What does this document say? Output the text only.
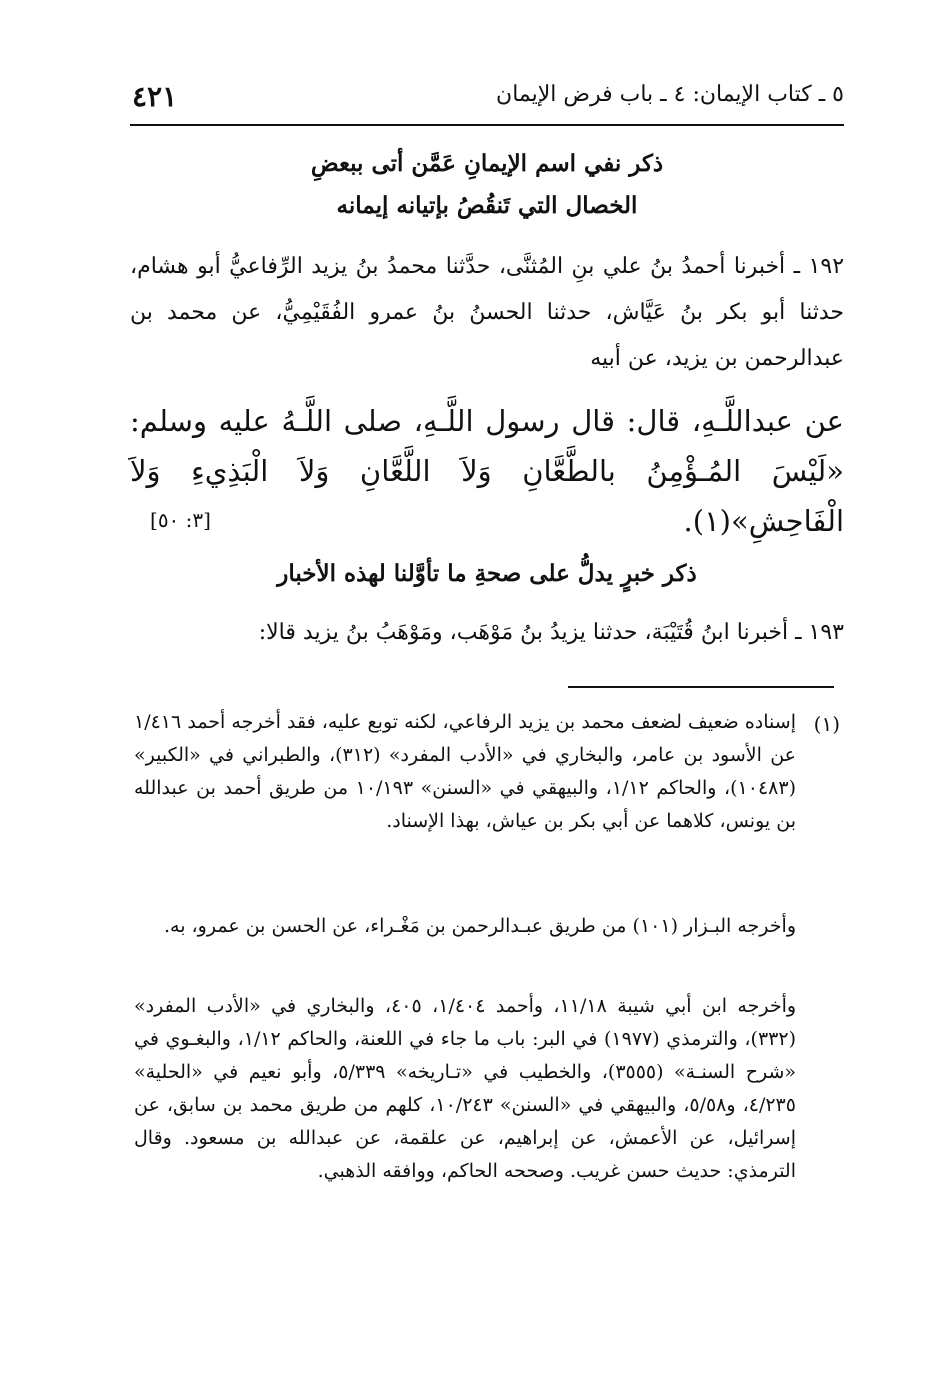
٥ ـ كتاب الإيمان: ٤ ـ باب فرض الإيمان
٤٢١
ذكر نفي اسم الإيمانِ عَمَّن أتى ببعضِ
الخصال التي تَنقُصُ بإتيانه إيمانه
١٩٢ ـ أخبرنا أحمدُ بنُ علي بنِ المُثنَّى، حدَّثنا محمدُ بنُ يزيد الرِّفاعيُّ أبو هشام، حدثنا أبو بكر بنُ عَيَّاش، حدثنا الحسنُ بنُ عمرو الفُقَيْمِيُّ، عن محمد بن عبدالرحمن بن يزيد، عن أبيه
عن عبداللَّـهِ، قال: قال رسول اللَّـهِ، صلى اللَّـهُ عليه وسلم: «لَيْسَ المُـؤْمِنُ بالطَّعَّانِ وَلاَ اللَّعَّانِ وَلاَ الْبَذِيءِ وَلاَ الْفَاحِشِ»(١).
[٣: ٥٠]
ذكر خبرٍ يدلُّ على صحةِ ما تأوَّلنا لهذه الأخبار
١٩٣ ـ أخبرنا ابنُ قُتَيْبَة، حدثنا يزيدُ بنُ مَوْهَب، ومَوْهَبُ بنُ يزيد قالا:
(١)
إسناده ضعيف لضعف محمد بن يزيد الرفاعي، لكنه توبع عليه، فقد أخرجه أحمد ١/٤١٦ عن الأسود بن عامر، والبخاري في «الأدب المفرد» (٣١٢)، والطبراني في «الكبير» (١٠٤٨٣)، والحاكم ١/١٢، والبيهقي في «السنن» ١٠/١٩٣ من طريق أحمد بن عبدالله بن يونس، كلاهما عن أبي بكر بن عياش، بهذا الإسناد.
وأخرجه البـزار (١٠١) من طريق عبـدالرحمن بن مَغْـراء، عن الحسن بن عمرو، به.
وأخرجه ابن أبي شيبة ١١/١٨، وأحمد ١/٤٠٤، ٤٠٥، والبخاري في «الأدب المفرد» (٣٣٢)، والترمذي (١٩٧٧) في البر: باب ما جاء في اللعنة، والحاكم ١/١٢، والبغـوي في «شرح السنـة» (٣٥٥٥)، والخطيب في «تـاريخه» ٥/٣٣٩، وأبو نعيم في «الحلية» ٤/٢٣٥، و٥/٥٨، والبيهقي في «السنن» ١٠/٢٤٣، كلهم من طريق محمد بن سابق، عن إسرائيل، عن الأعمش، عن إبراهيم، عن علقمة، عن عبدالله بن مسعود. وقال الترمذي: حديث حسن غريب. وصححه الحاكم، ووافقه الذهبي.
